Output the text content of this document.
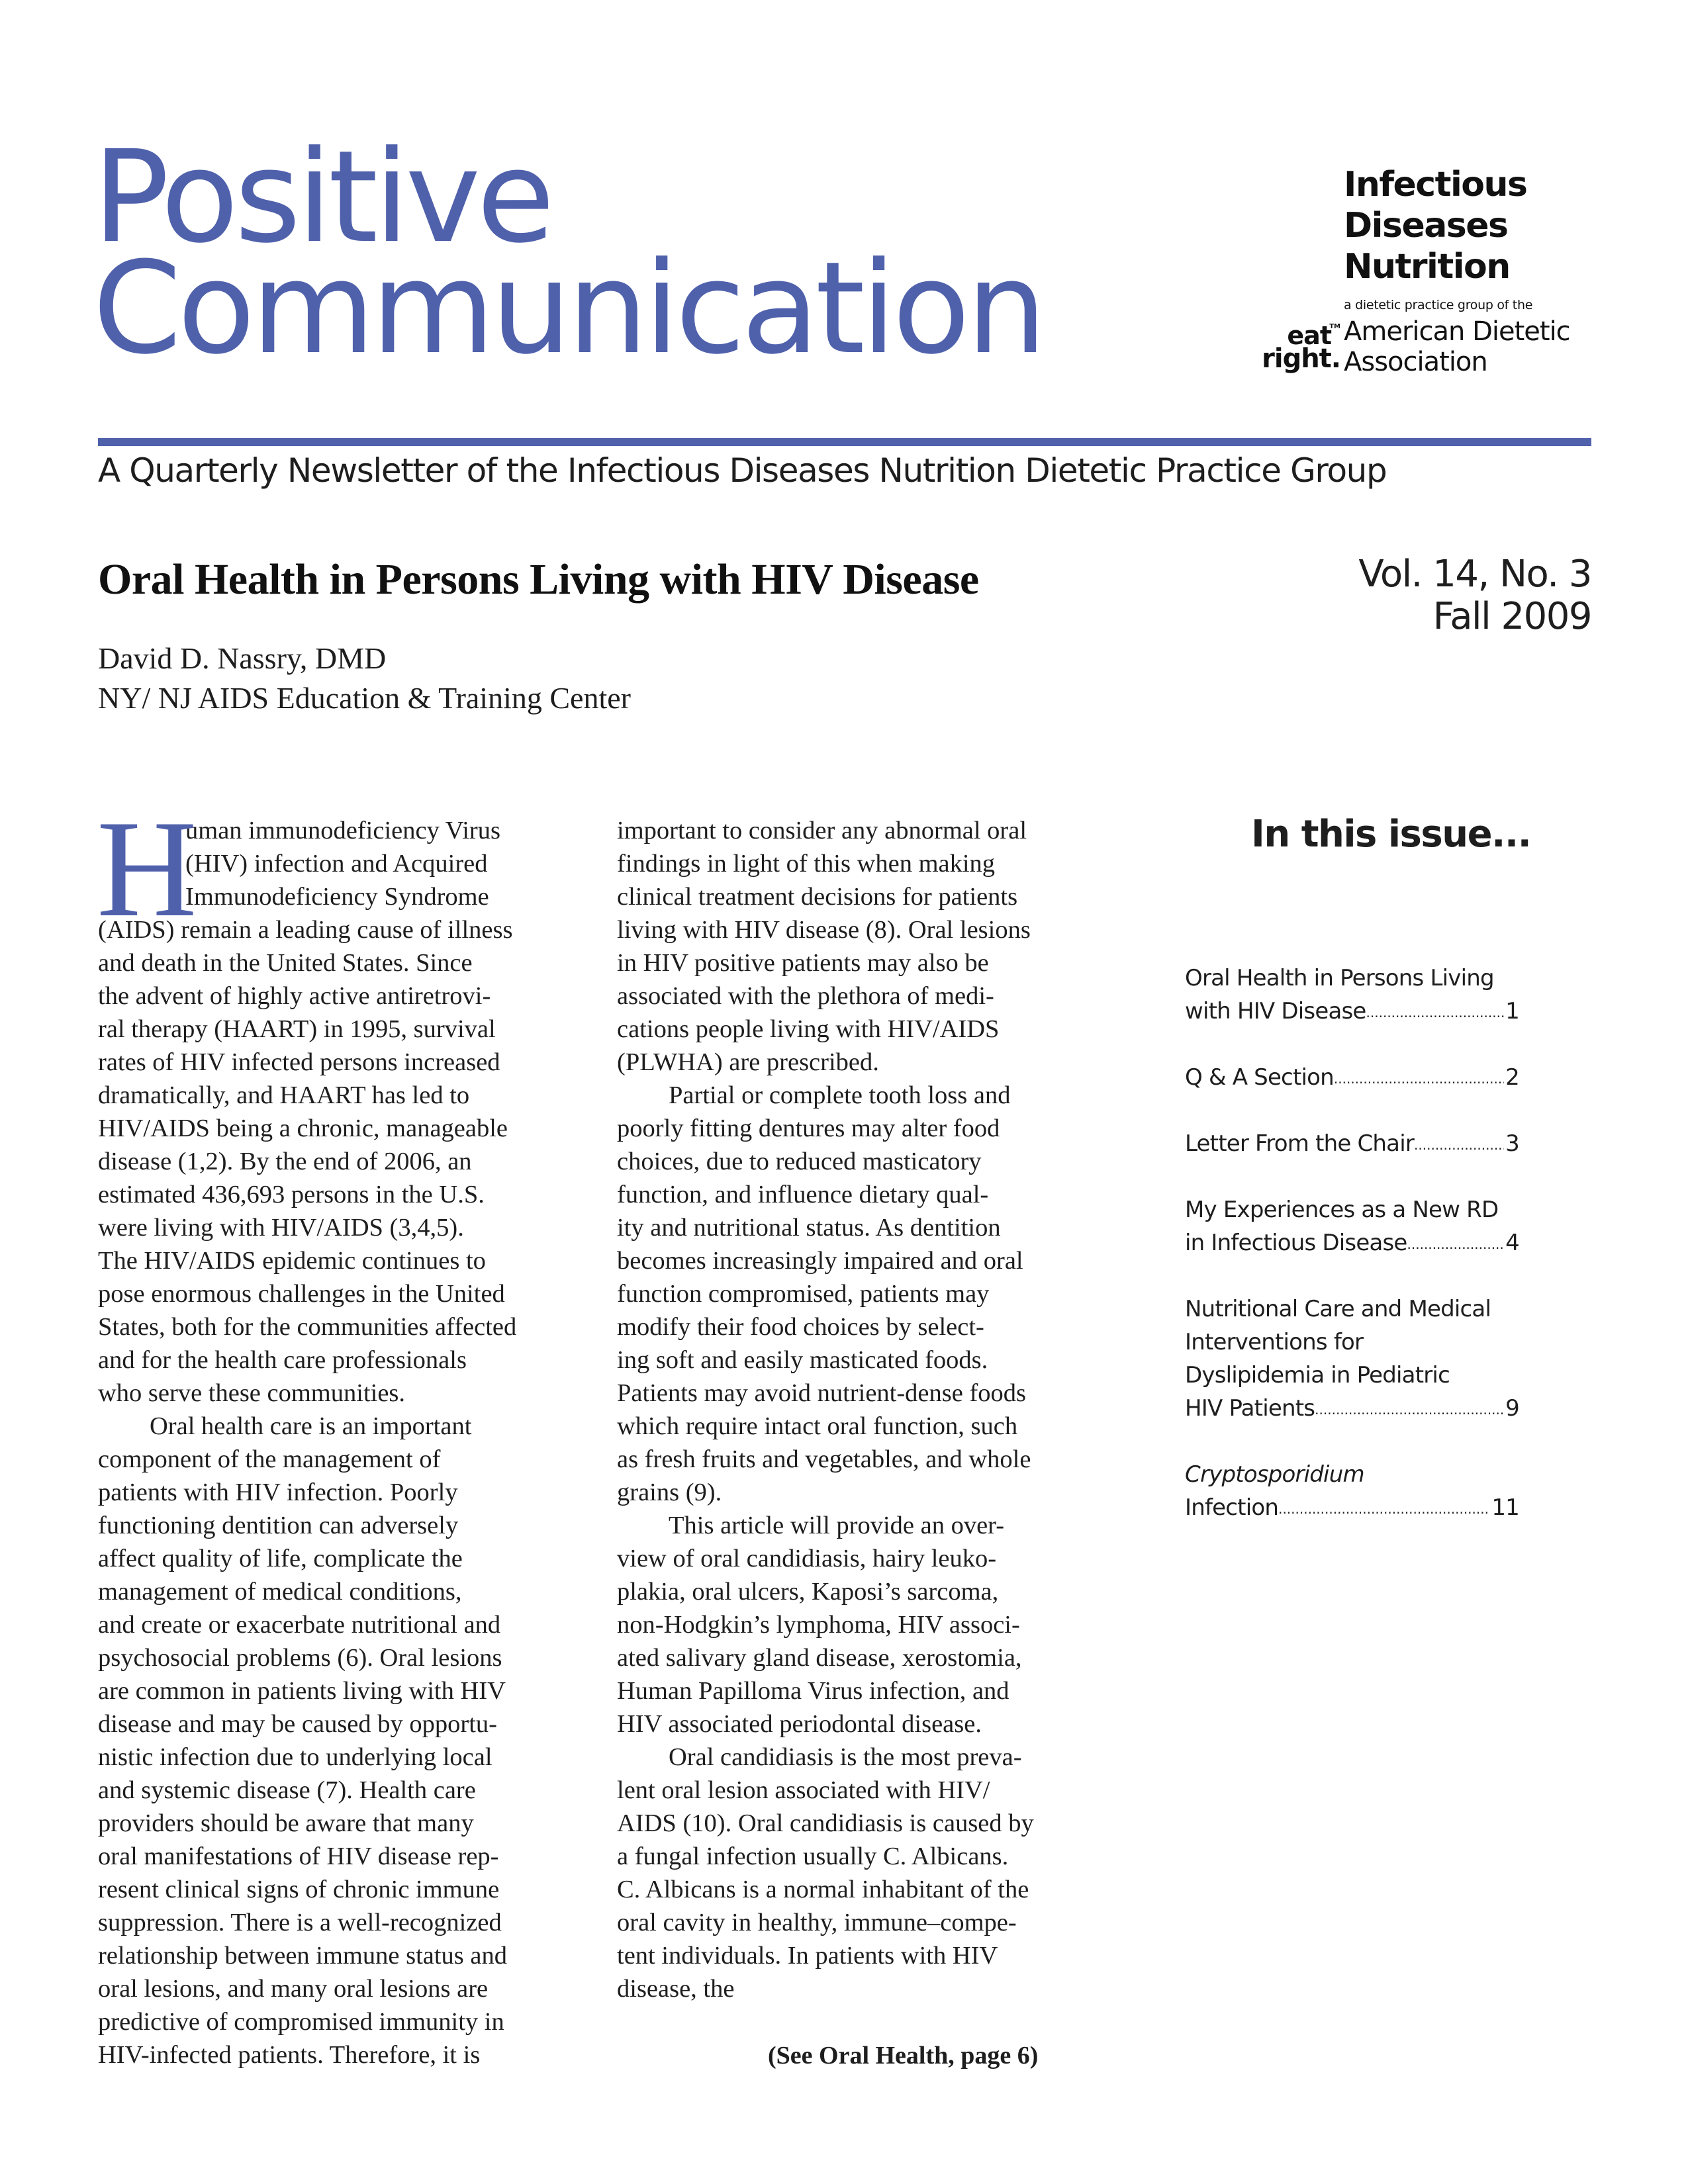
Positive
Communication
Infectious
Diseases
Nutrition
a dietetic practice group of the
eat
TM
right.
American Dietetic
Association
A Quarterly Newsletter of the Infectious Diseases Nutrition Dietetic Practice Group
Oral Health in Persons Living with HIV Disease	Vol. 14, No. 3
Fall 2009
David D. Nassry, DMD
NY/ NJ AIDS Education & Training Center
H
uman immunodeficiency Virus
(HIV) infection and Acquired
Immunodeficiency Syndrome
(AIDS) remain a leading cause of illness
and death in the United States. Since
the advent of highly active antiretrovi-
ral therapy (HAART) in 1995, survival
rates of HIV infected persons increased
dramatically, and HAART has led to
HIV/AIDS being a chronic, manageable
disease (1,2). By the end of 2006, an
estimated 436,693 persons in the U.S.
were living with HIV/AIDS (3,4,5).
The HIV/AIDS epidemic continues to
pose enormous challenges in the United
States, both for the communities affected
and for the health care professionals
who serve these communities.
Oral health care is an important
component of the management of
patients with HIV infection. Poorly
functioning dentition can adversely
affect quality of life, complicate the
management of medical conditions,
and create or exacerbate nutritional and
psychosocial problems (6). Oral lesions
are common in patients living with HIV
disease and may be caused by opportu-
nistic infection due to underlying local
and systemic disease (7). Health care
providers should be aware that many
oral manifestations of HIV disease rep-
resent clinical signs of chronic immune
suppression. There is a well-recognized
relationship between immune status and
oral lesions, and many oral lesions are
predictive of compromised immunity in
HIV-infected patients. Therefore, it is
important to consider any abnormal oral
findings in light of this when making
clinical treatment decisions for patients
living with HIV disease (8). Oral lesions
in HIV positive patients may also be
associated with the plethora of medi-
cations people living with HIV/AIDS
(PLWHA) are prescribed.
Partial or complete tooth loss and
poorly fitting dentures may alter food
choices, due to reduced masticatory
function, and influence dietary qual-
ity and nutritional status. As dentition
becomes increasingly impaired and oral
function compromised, patients may
modify their food choices by select-
ing soft and easily masticated foods.
Patients may avoid nutrient-dense foods
which require intact oral function, such
as fresh fruits and vegetables, and whole
grains (9).
This article will provide an over-
view of oral candidiasis, hairy leuko-
plakia, oral ulcers, Kaposi’s sarcoma,
non-Hodgkin’s lymphoma, HIV associ-
ated salivary gland disease, xerostomia,
Human Papilloma Virus infection, and
HIV associated periodontal disease.
Oral candidiasis is the most preva-
lent oral lesion associated with HIV/
AIDS (10). Oral candidiasis is caused by
a fungal infection usually C. Albicans.
C. Albicans is a normal inhabitant of the
oral cavity in healthy, immune–compe-
tent individuals. In patients with HIV
disease, the
(See Oral Health, page 6)
In this issue...
Oral Health in Persons Living
with HIV Disease .....	1
Q & A Section .....	2
Letter From the Chair .....	3
My Experiences as a New RD
in Infectious Disease .....	4
Nutritional Care and Medical
Interventions for
Dyslipidemia in Pediatric
HIV Patients .....	9
Cryptosporidium
Infection .....	11
